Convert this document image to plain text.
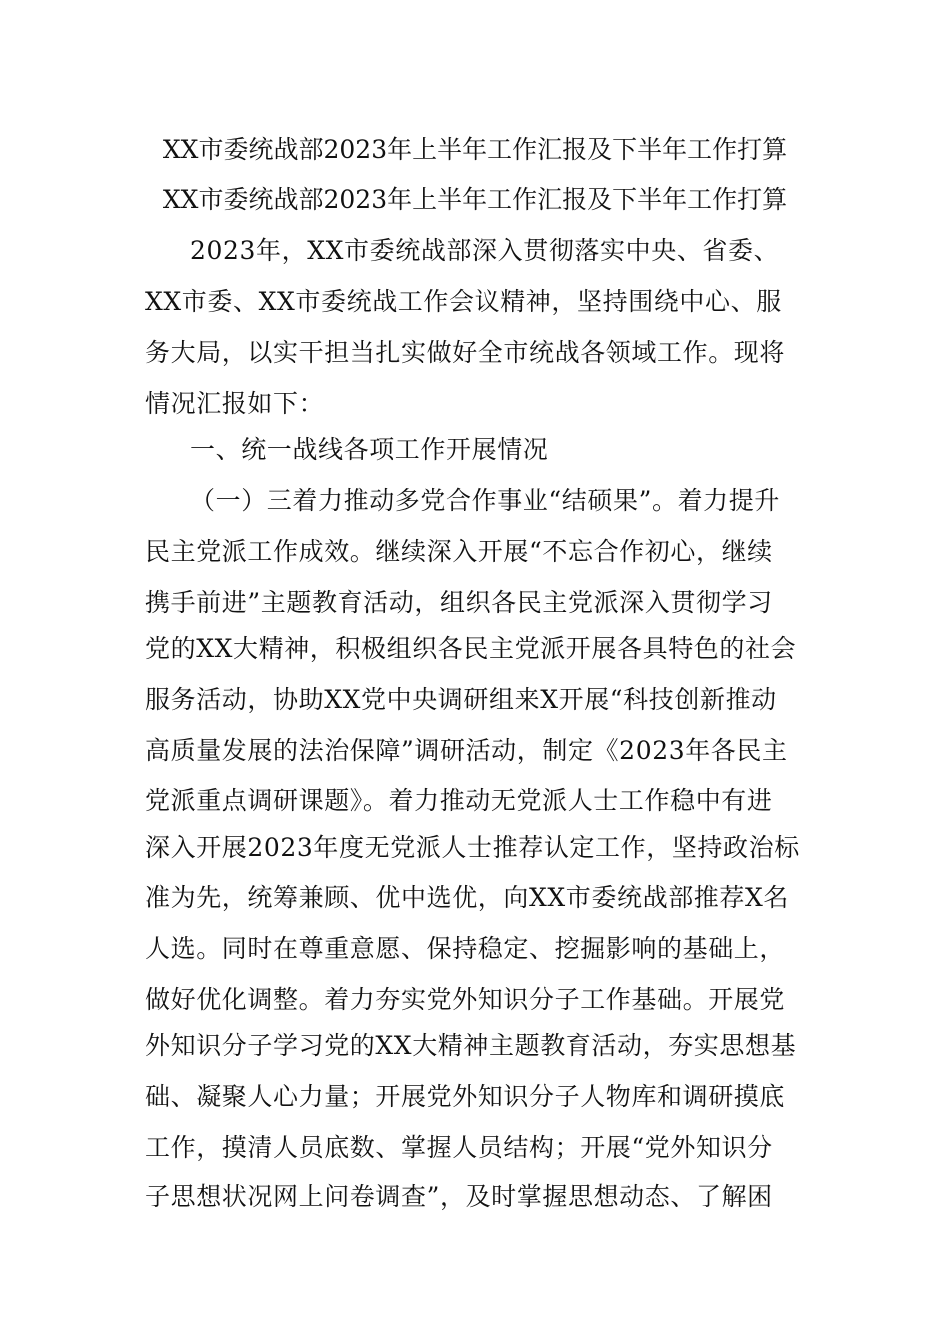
XX市委统战部2023年上半年工作汇报及下半年工作打算
XX市委统战部2023年上半年工作汇报及下半年工作打算
2023年，XX市委统战部深入贯彻落实中央、省委、
XX市委、XX市委统战工作会议精神，坚持围绕中心、服
务大局，以实干担当扎实做好全市统战各领域工作。现将
情况汇报如下：
一、统一战线各项工作开展情况
（一）三着力推动多党合作事业“结硕果”。着力提升
民主党派工作成效。继续深入开展“不忘合作初心，继续
携手前进”主题教育活动，组织各民主党派深入贯彻学习
党的XX大精神，积极组织各民主党派开展各具特色的社会
服务活动，协助XX党中央调研组来X开展“科技创新推动
高质量发展的法治保障”调研活动，制定《2023年各民主
党派重点调研课题》。着力推动无党派人士工作稳中有进
深入开展2023年度无党派人士推荐认定工作，坚持政治标
准为先，统筹兼顾、优中选优，向XX市委统战部推荐X名
人选。同时在尊重意愿、保持稳定、挖掘影响的基础上，
做好优化调整。着力夯实党外知识分子工作基础。开展党
外知识分子学习党的XX大精神主题教育活动，夯实思想基
础、凝聚人心力量；开展党外知识分子人物库和调研摸底
工作，摸清人员底数、掌握人员结构；开展“党外知识分
子思想状况网上问卷调查”，及时掌握思想动态、了解困
